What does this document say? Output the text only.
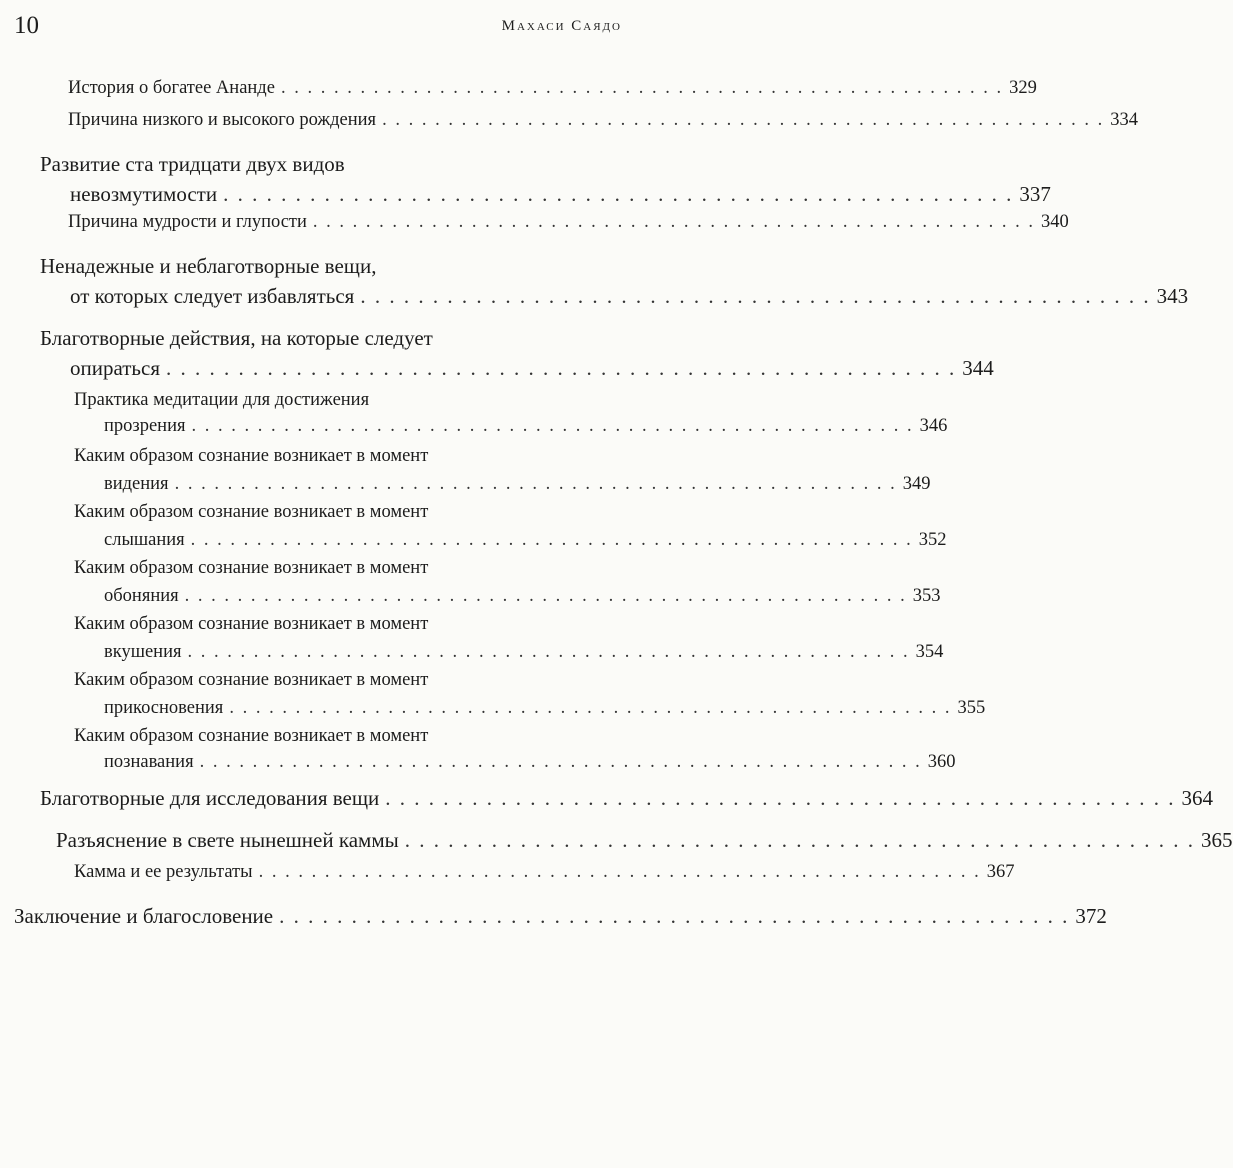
10	Махаси Саядо
История о богатее Ананде . . . . . . . . . . . . . . . . . . . . . . . . . . . . . . . . . . . . . . . . . . . . . . . . . . . . . . . 329
Причина низкого и высокого рождения . . . . . . . . . . . . . . . . . . . . . . . . . . . . . . . . . . . . . . . . . . . . . . . . . . . . . . . 334
Развитие ста тридцати двух видов
невозмутимости . . . . . . . . . . . . . . . . . . . . . . . . . . . . . . . . . . . . . . . . . . . . . . . . . . . . . . . 337
Причина мудрости и глупости . . . . . . . . . . . . . . . . . . . . . . . . . . . . . . . . . . . . . . . . . . . . . . . . . . . . . . . 340
Ненадежные и неблаготворные вещи,
от которых следует избавляться . . . . . . . . . . . . . . . . . . . . . . . . . . . . . . . . . . . . . . . . . . . . . . . . . . . . . . . 343
Благотворные действия, на которые следует
опираться . . . . . . . . . . . . . . . . . . . . . . . . . . . . . . . . . . . . . . . . . . . . . . . . . . . . . . . 344
Практика медитации для достижения
прозрения . . . . . . . . . . . . . . . . . . . . . . . . . . . . . . . . . . . . . . . . . . . . . . . . . . . . . . . 346
Каким образом сознание возникает в момент
видения . . . . . . . . . . . . . . . . . . . . . . . . . . . . . . . . . . . . . . . . . . . . . . . . . . . . . . . 349
Каким образом сознание возникает в момент
слышания . . . . . . . . . . . . . . . . . . . . . . . . . . . . . . . . . . . . . . . . . . . . . . . . . . . . . . . 352
Каким образом сознание возникает в момент
обоняния . . . . . . . . . . . . . . . . . . . . . . . . . . . . . . . . . . . . . . . . . . . . . . . . . . . . . . . 353
Каким образом сознание возникает в момент
вкушения . . . . . . . . . . . . . . . . . . . . . . . . . . . . . . . . . . . . . . . . . . . . . . . . . . . . . . . 354
Каким образом сознание возникает в момент
прикосновения . . . . . . . . . . . . . . . . . . . . . . . . . . . . . . . . . . . . . . . . . . . . . . . . . . . . . . . 355
Каким образом сознание возникает в момент
познавания . . . . . . . . . . . . . . . . . . . . . . . . . . . . . . . . . . . . . . . . . . . . . . . . . . . . . . . 360
Благотворные для исследования вещи . . . . . . . . . . . . . . . . . . . . . . . . . . . . . . . . . . . . . . . . . . . . . . . . . . . . . . . 364
Разъяснение в свете нынешней каммы . . . . . . . . . . . . . . . . . . . . . . . . . . . . . . . . . . . . . . . . . . . . . . . . . . . . . . . 365
Камма и ее результаты . . . . . . . . . . . . . . . . . . . . . . . . . . . . . . . . . . . . . . . . . . . . . . . . . . . . . . . 367
Заключение и благословение . . . . . . . . . . . . . . . . . . . . . . . . . . . . . . . . . . . . . . . . . . . . . . . . . . . . . . . 372
